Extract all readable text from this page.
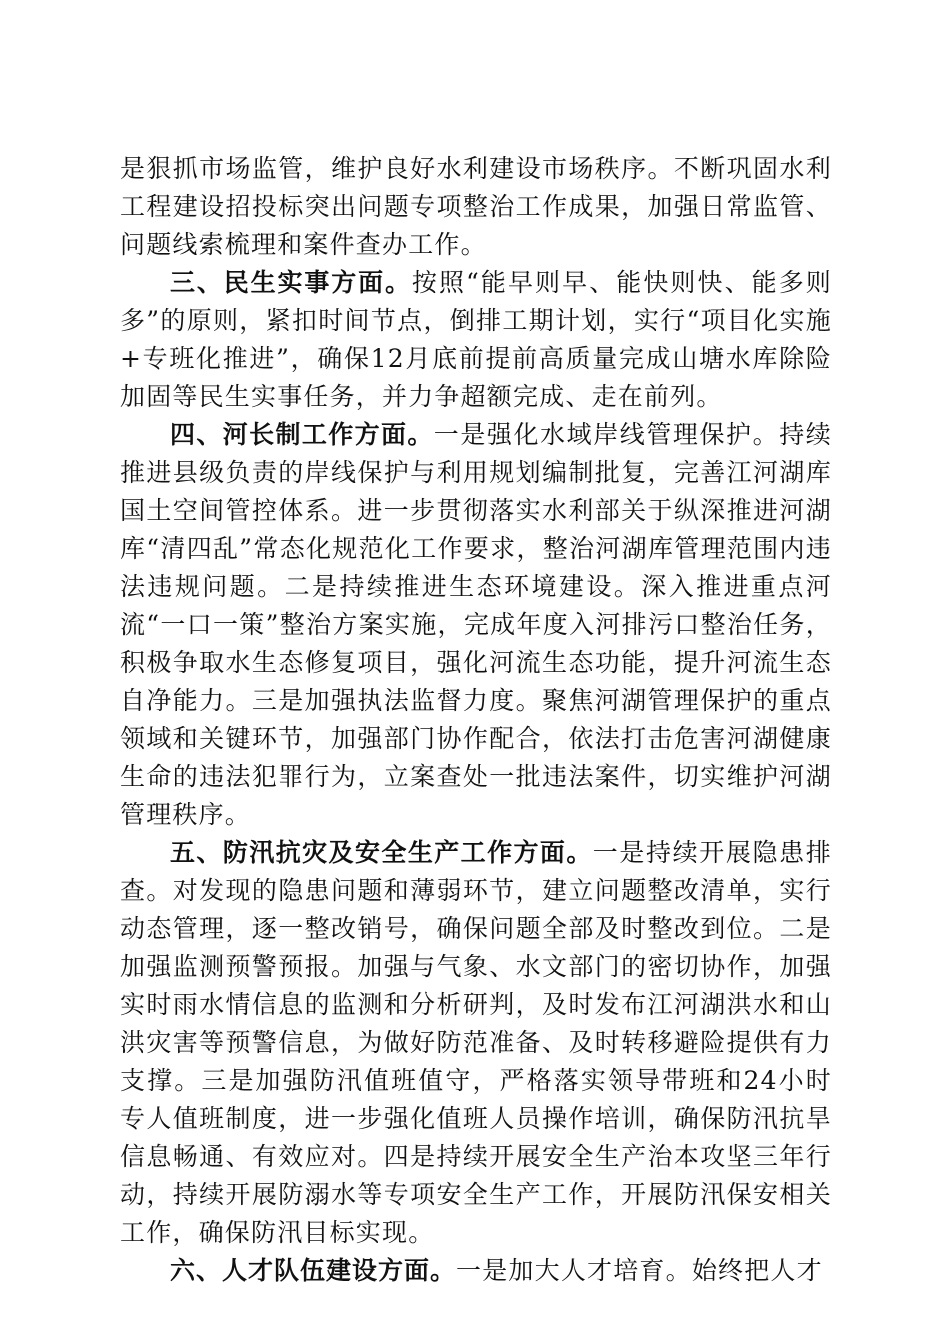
是狠抓市场监管，维护良好水利建设市场秩序。不断巩固水利工程建设招投标突出问题专项整治工作成果，加强日常监管、问题线索梳理和案件查办工作。

三、民生实事方面。按照“能早则早、能快则快、能多则多”的原则，紧扣时间节点，倒排工期计划，实行“项目化实施+专班化推进”，确保12月底前提前高质量完成山塘水库除险加固等民生实事任务，并力争超额完成、走在前列。

四、河长制工作方面。一是强化水域岸线管理保护。持续推进县级负责的岸线保护与利用规划编制批复，完善江河湖库国土空间管控体系。进一步贯彻落实水利部关于纵深推进河湖库“清四乱”常态化规范化工作要求，整治河湖库管理范围内违法违规问题。二是持续推进生态环境建设。深入推进重点河流“一口一策”整治方案实施，完成年度入河排污口整治任务，积极争取水生态修复项目，强化河流生态功能，提升河流生态自净能力。三是加强执法监督力度。聚焦河湖管理保护的重点领域和关键环节，加强部门协作配合，依法打击危害河湖健康生命的违法犯罪行为，立案查处一批违法案件，切实维护河湖管理秩序。

五、防汛抗灾及安全生产工作方面。一是持续开展隐患排查。对发现的隐患问题和薄弱环节，建立问题整改清单，实行动态管理，逐一整改销号，确保问题全部及时整改到位。二是加强监测预警预报。加强与气象、水文部门的密切协作，加强实时雨水情信息的监测和分析研判，及时发布江河湖洪水和山洪灾害等预警信息，为做好防范准备、及时转移避险提供有力支撑。三是加强防汛值班值守，严格落实领导带班和24小时专人值班制度，进一步强化值班人员操作培训，确保防汛抗旱信息畅通、有效应对。四是持续开展安全生产治本攻坚三年行动，持续开展防溺水等专项安全生产工作，开展防汛保安相关工作，确保防汛目标实现。

六、人才队伍建设方面。一是加大人才培育。始终把人才
